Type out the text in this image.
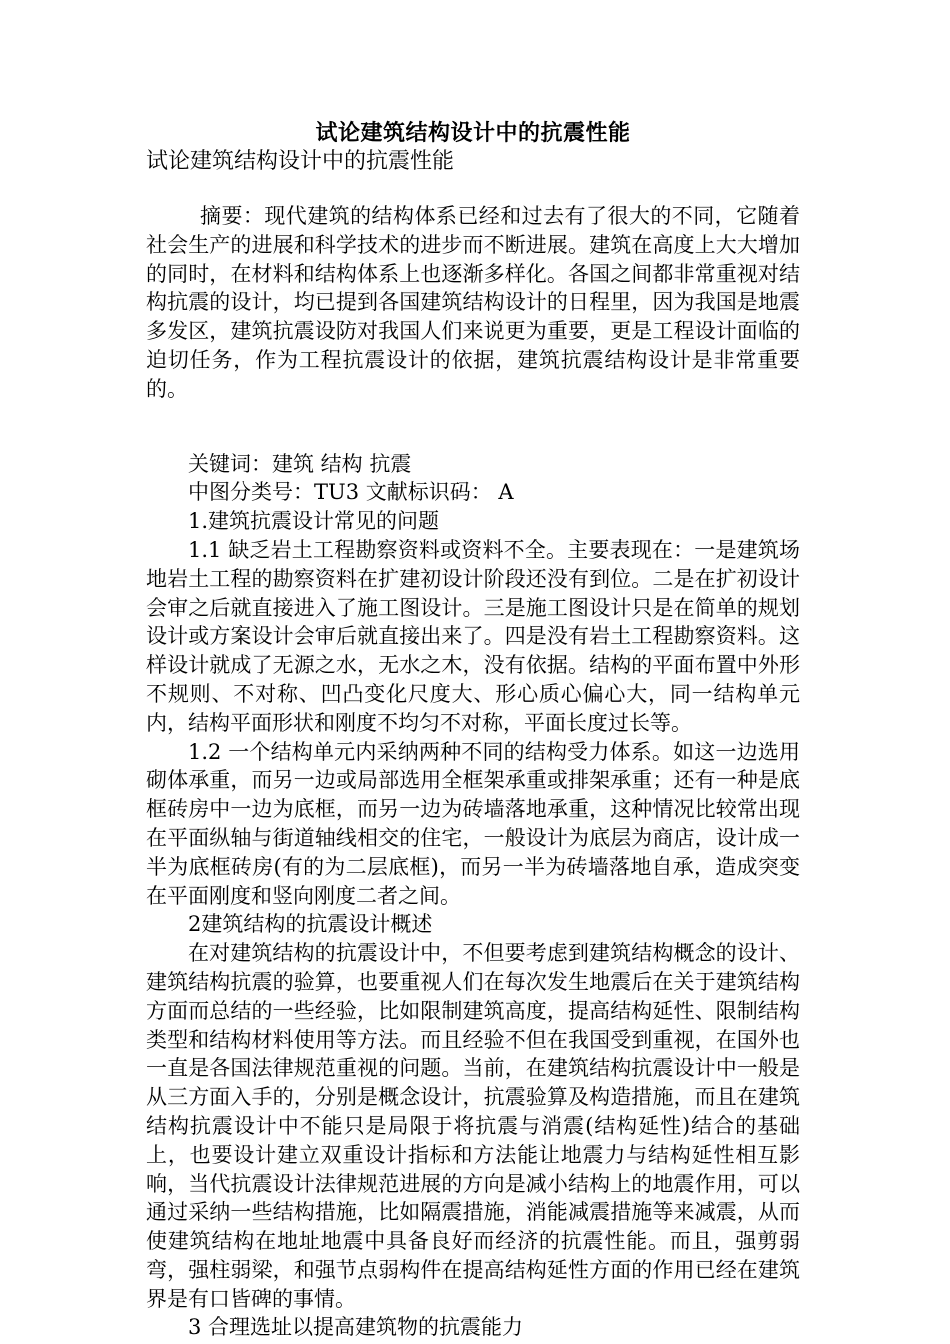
试论建筑结构设计中的抗震性能
试论建筑结构设计中的抗震性能

摘要：现代建筑的结构体系已经和过去有了很大的不同，它随着社会生产的进展和科学技术的进步而不断进展。建筑在高度上大大增加的同时，在材料和结构体系上也逐渐多样化。各国之间都非常重视对结构抗震的设计，均已提到各国建筑结构设计的日程里，因为我国是地震多发区，建筑抗震设防对我国人们来说更为重要，更是工程设计面临的迫切任务，作为工程抗震设计的依据，建筑抗震结构设计是非常重要的。

关键词：建筑 结构 抗震

中图分类号：TU3 文献标识码： A

1.建筑抗震设计常见的问题

1.1 缺乏岩土工程勘察资料或资料不全。主要表现在：一是建筑场地岩土工程的勘察资料在扩建初设计阶段还没有到位。二是在扩初设计会审之后就直接进入了施工图设计。三是施工图设计只是在简单的规划设计或方案设计会审后就直接出来了。四是没有岩土工程勘察资料。这样设计就成了无源之水，无水之木，没有依据。结构的平面布置中外形不规则、不对称、凹凸变化尺度大、形心质心偏心大，同一结构单元内，结构平面形状和刚度不均匀不对称，平面长度过长等。

1.2 一个结构单元内采纳两种不同的结构受力体系。如这一边选用砌体承重，而另一边或局部选用全框架承重或排架承重；还有一种是底框砖房中一边为底框，而另一边为砖墙落地承重，这种情况比较常出现在平面纵轴与街道轴线相交的住宅，一般设计为底层为商店，设计成一半为底框砖房(有的为二层底框)，而另一半为砖墙落地自承，造成突变在平面刚度和竖向刚度二者之间。

2建筑结构的抗震设计概述

在对建筑结构的抗震设计中，不但要考虑到建筑结构概念的设计、建筑结构抗震的验算，也要重视人们在每次发生地震后在关于建筑结构方面而总结的一些经验，比如限制建筑高度，提高结构延性、限制结构类型和结构材料使用等方法。而且经验不但在我国受到重视，在国外也一直是各国法律规范重视的问题。当前，在建筑结构抗震设计中一般是从三方面入手的，分别是概念设计，抗震验算及构造措施，而且在建筑结构抗震设计中不能只是局限于将抗震与消震(结构延性)结合的基础上，也要设计建立双重设计指标和方法能让地震力与结构延性相互影响，当代抗震设计法律规范进展的方向是减小结构上的地震作用，可以通过采纳一些结构措施，比如隔震措施，消能减震措施等来减震，从而使建筑结构在地址地震中具备良好而经济的抗震性能。而且，强剪弱弯，强柱弱梁，和强节点弱构件在提高结构延性方面的作用已经在建筑界是有口皆碑的事情。

3 合理选址以提高建筑物的抗震能力
